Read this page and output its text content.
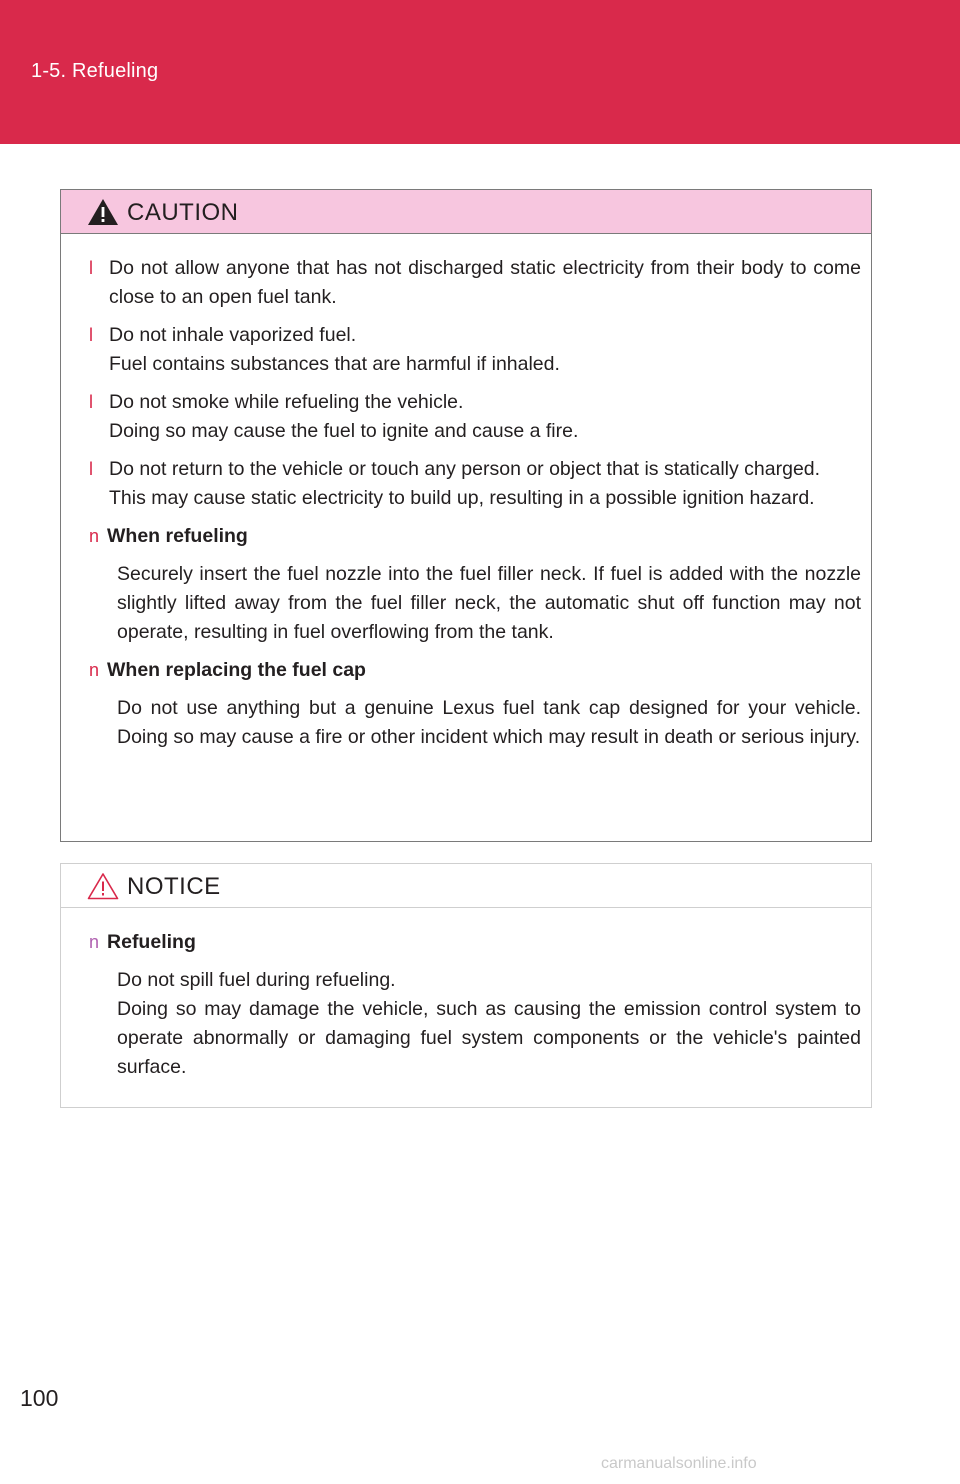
1-5. Refueling
CAUTION
l Do not allow anyone that has not discharged static electricity from their body to come close to an open fuel tank.

l Do not inhale vaporized fuel.

Fuel contains substances that are harmful if inhaled.

l Do not smoke while refueling the vehicle.

Doing so may cause the fuel to ignite and cause a fire.

l Do not return to the vehicle or touch any person or object that is statically charged.

This may cause static electricity to build up, resulting in a possible ignition hazard.

n When refueling

Securely insert the fuel nozzle into the fuel filler neck. If fuel is added with the nozzle slightly lifted away from the fuel filler neck, the automatic shut off function may not operate, resulting in fuel overflowing from the tank.

n When replacing the fuel cap

Do not use anything but a genuine Lexus fuel tank cap designed for your vehicle. Doing so may cause a fire or other incident which may result in death or serious injury.

NOTICE
n Refueling

Do not spill fuel during refueling.

Doing so may damage the vehicle, such as causing the emission control system to operate abnormally or damaging fuel system components or the vehicle's painted surface.

100
carmanualsonline.info
